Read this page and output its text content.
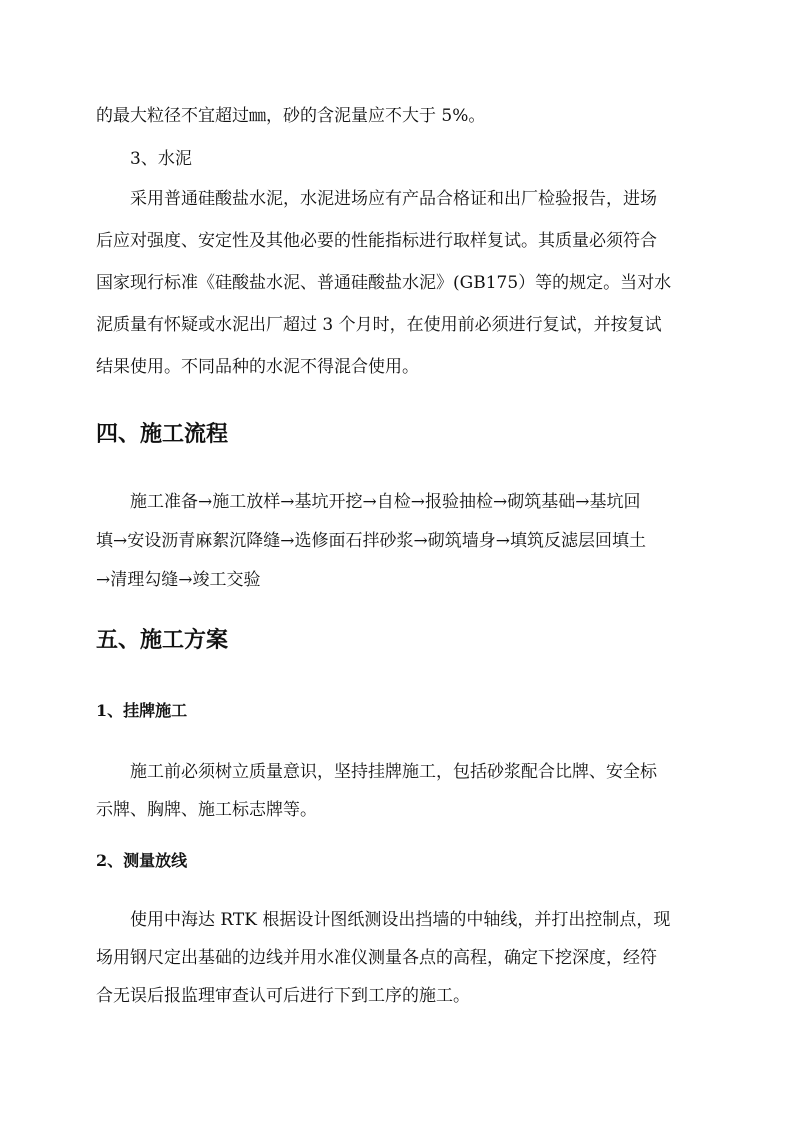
的最大粒径不宜超过㎜，砂的含泥量应不大于 5%。
3、水泥
采用普通硅酸盐水泥，水泥进场应有产品合格证和出厂检验报告，进场
后应对强度、安定性及其他必要的性能指标进行取样复试。其质量必须符合
国家现行标准《硅酸盐水泥、普通硅酸盐水泥》(GB175）等的规定。当对水
泥质量有怀疑或水泥出厂超过 3 个月时，在使用前必须进行复试，并按复试
结果使用。不同品种的水泥不得混合使用。
四、施工流程
施工准备→施工放样→基坑开挖→自检→报验抽检→砌筑基础→基坑回
填→安设沥青麻絮沉降缝→选修面石拌砂浆→砌筑墙身→填筑反滤层回填土
→清理勾缝→竣工交验
五、施工方案
1、挂牌施工
施工前必须树立质量意识，坚持挂牌施工，包括砂浆配合比牌、安全标
示牌、胸牌、施工标志牌等。
2、测量放线
使用中海达 RTK 根据设计图纸测设出挡墙的中轴线，并打出控制点，现
场用钢尺定出基础的边线并用水准仪测量各点的高程，确定下挖深度，经符
合无误后报监理审查认可后进行下到工序的施工。
